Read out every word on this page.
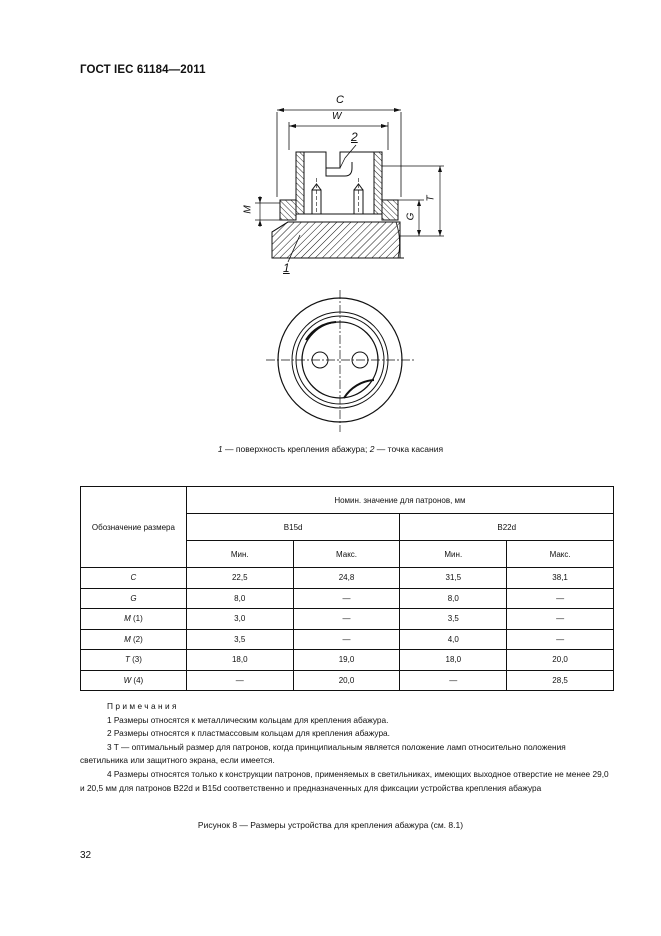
ГОСТ IEC 61184—2011
C
W
2
M
G
T
1
1 — поверхность крепления абажура; 2 — точка касания
Обозначение размера	Номин. значение для патронов, мм			
	B15d		B22d	
	Мин.	Макс.	Мин.	Макс.
C	22,5	24,8	31,5	38,1
G	8,0	—	8,0	—
M (1)	3,0	—	3,5	—
M (2)	3,5	—	4,0	—
T (3)	18,0	19,0	18,0	20,0
W (4)	—	20,0	—	28,5
Примечания

1 Размеры относятся к металлическим кольцам для крепления абажура.

2 Размеры относятся к пластмассовым кольцам для крепления абажура.

3 T — оптимальный размер для патронов, когда принципиальным является положение ламп относительно положения светильника или защитного экрана, если имеется.

4 Размеры относятся только к конструкции патронов, применяемых в светильниках, имеющих выходное отверстие не менее 29,0 и 20,5 мм для патронов B22d и B15d соответственно и предназначенных для фиксации устройства крепления абажура

Рисунок 8 — Размеры устройства для крепления абажура (см. 8.1)
32
